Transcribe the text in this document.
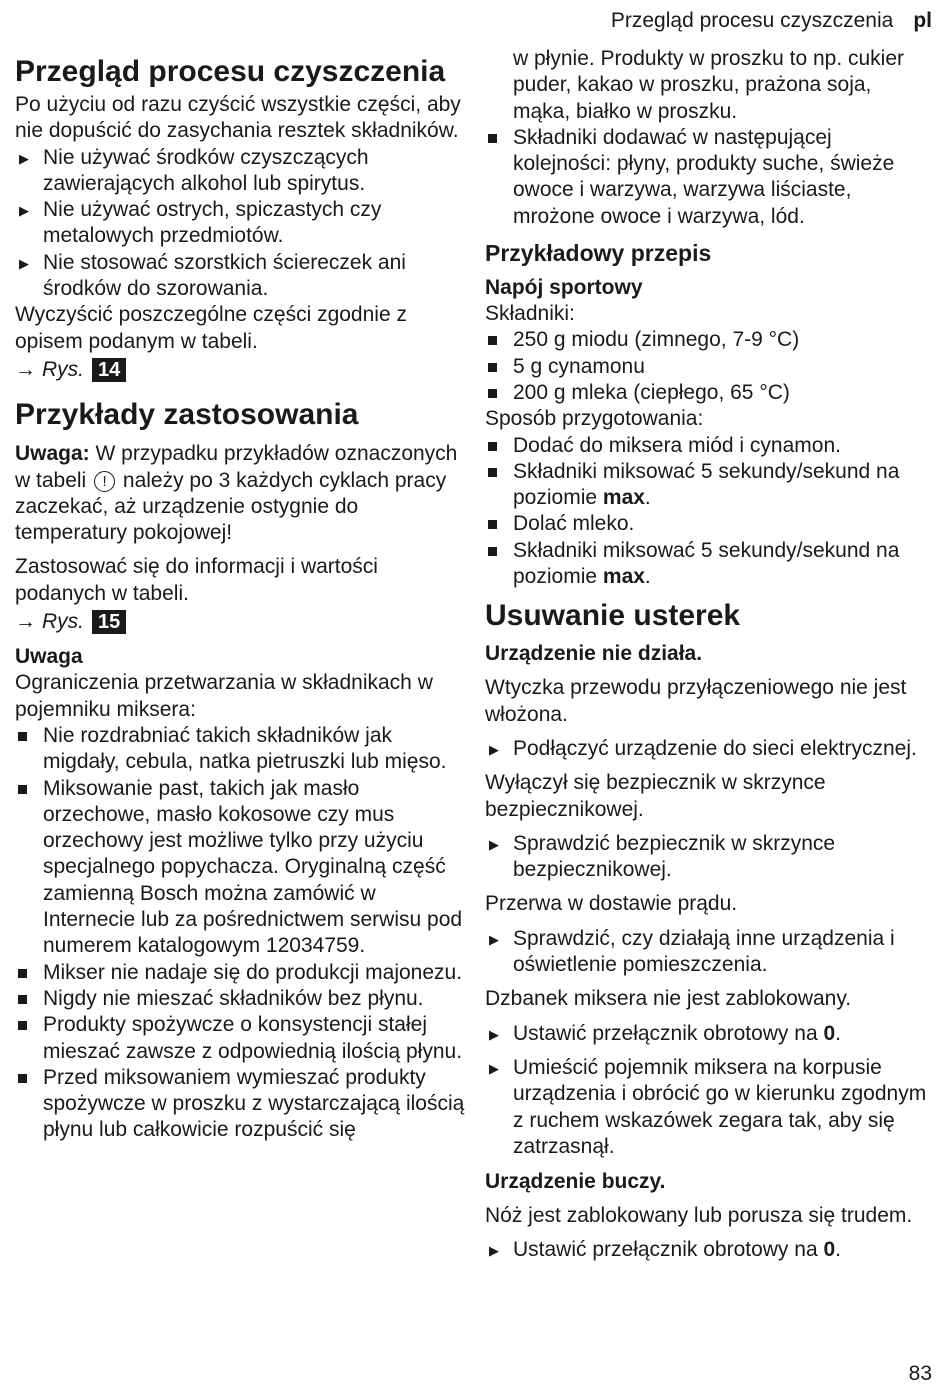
Przegląd procesu czyszczenia pl
Przegląd procesu czyszczenia

Po użyciu od razu czyścić wszystkie części, aby nie dopuścić do zasychania resztek składników.

▶ Nie używać środków czyszczących zawierających alkohol lub spirytus.
▶ Nie używać ostrych, spiczastych czy metalowych przedmiotów.
▶ Nie stosować szorstkich ściereczek ani środków do szorowania.

Wyczyścić poszczególne części zgodnie z opisem podanym w tabeli.

→ Rys. 14

Przykłady zastosowania

Uwaga: W przypadku przykładów oznaczonych w tabeli ! należy po 3 każdych cyklach pracy zaczekać, aż urządzenie ostygnie do temperatury pokojowej!

Zastosować się do informacji i wartości podanych w tabeli.

→ Rys. 15

Uwaga

Ograniczenia przetwarzania w składnikach w pojemniku miksera:

Nie rozdrabniać takich składników jak migdały, cebula, natka pietruszki lub mięso.
Miksowanie past, takich jak masło orzechowe, masło kokosowe czy mus orzechowy jest możliwe tylko przy użyciu specjalnego popychacza. Oryginalną część zamienną Bosch można zamówić w Internecie lub za pośrednictwem serwisu pod numerem katalogowym 12034759.
Mikser nie nadaje się do produkcji majonezu.
Nigdy nie mieszać składników bez płynu.
Produkty spożywcze o konsystencji stałej mieszać zawsze z odpowiednią ilością płynu.
Przed miksowaniem wymieszać produkty spożywcze w proszku z wystarczającą ilością płynu lub całkowicie rozpuścić się
w płynie. Produkty w proszku to np. cukier puder, kakao w proszku, prażona soja, mąka, białko w proszku.
Składniki dodawać w następującej kolejności: płyny, produkty suche, świeże owoce i warzywa, warzywa liściaste, mrożone owoce i warzywa, lód.
Przykładowy przepis
Napój sportowy

Składniki:

250 g miodu (zimnego, 7-9 °C)
5 g cynamonu
200 g mleka (ciepłego, 65 °C)

Sposób przygotowania:

Dodać do miksera miód i cynamon.
Składniki miksować 5 sekundy/sekund na poziomie max.
Dolać mleko.
Składniki miksować 5 sekundy/sekund na poziomie max.
Usuwanie usterek
Urządzenie nie działa.

Wtyczka przewodu przyłączeniowego nie jest włożona.

▶ Podłączyć urządzenie do sieci elektrycznej.

Wyłączył się bezpiecznik w skrzynce bezpiecznikowej.

▶ Sprawdzić bezpiecznik w skrzynce bezpiecznikowej.

Przerwa w dostawie prądu.

▶ Sprawdzić, czy działają inne urządzenia i oświetlenie pomieszczenia.

Dzbanek miksera nie jest zablokowany.

▶ Ustawić przełącznik obrotowy na 0.
▶ Umieścić pojemnik miksera na korpusie urządzenia i obrócić go w kierunku zgodnym z ruchem wskazówek zegara tak, aby się zatrzasnął.
Urządzenie buczy.

Nóż jest zablokowany lub porusza się trudem.

▶ Ustawić przełącznik obrotowy na 0.
83
